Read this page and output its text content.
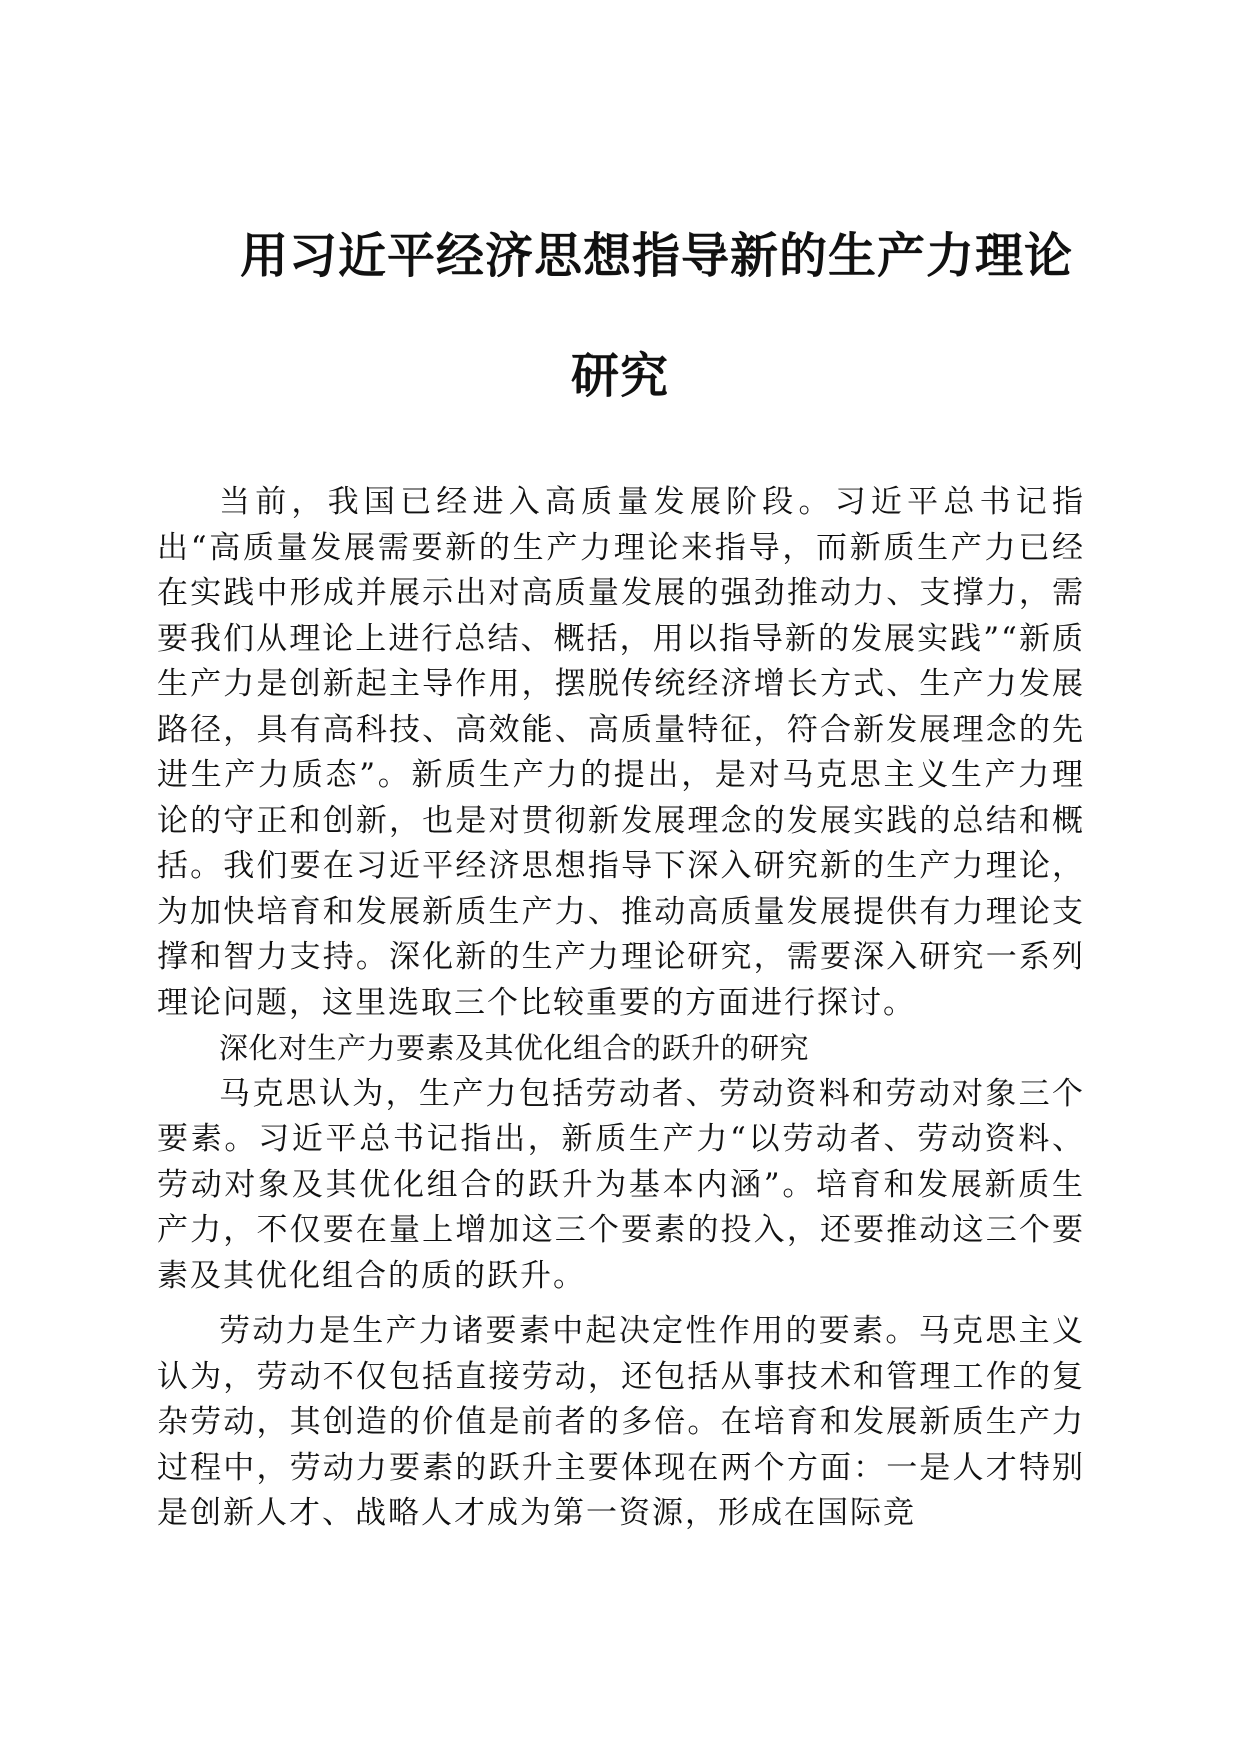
用习近平经济思想指导新的生产力理论
研究

当前，我国已经进入高质量发展阶段。习近平总书记指出“高质量发展需要新的生产力理论来指导，而新质生产力已经在实践中形成并展示出对高质量发展的强劲推动力、支撑力，需要我们从理论上进行总结、概括，用以指导新的发展实践”“新质生产力是创新起主导作用，摆脱传统经济增长方式、生产力发展路径，具有高科技、高效能、高质量特征，符合新发展理念的先进生产力质态”。新质生产力的提出，是对马克思主义生产力理论的守正和创新，也是对贯彻新发展理念的发展实践的总结和概括。我们要在习近平经济思想指导下深入研究新的生产力理论，为加快培育和发展新质生产力、推动高质量发展提供有力理论支撑和智力支持。深化新的生产力理论研究，需要深入研究一系列理论问题，这里选取三个比较重要的方面进行探讨。

深化对生产力要素及其优化组合的跃升的研究

马克思认为，生产力包括劳动者、劳动资料和劳动对象三个要素。习近平总书记指出，新质生产力“以劳动者、劳动资料、劳动对象及其优化组合的跃升为基本内涵”。培育和发展新质生产力，不仅要在量上增加这三个要素的投入，还要推动这三个要素及其优化组合的质的跃升。

劳动力是生产力诸要素中起决定性作用的要素。马克思主义认为，劳动不仅包括直接劳动，还包括从事技术和管理工作的复杂劳动，其创造的价值是前者的多倍。在培育和发展新质生产力过程中，劳动力要素的跃升主要体现在两个方面：一是人才特别是创新人才、战略人才成为第一资源，形成在国际竞
